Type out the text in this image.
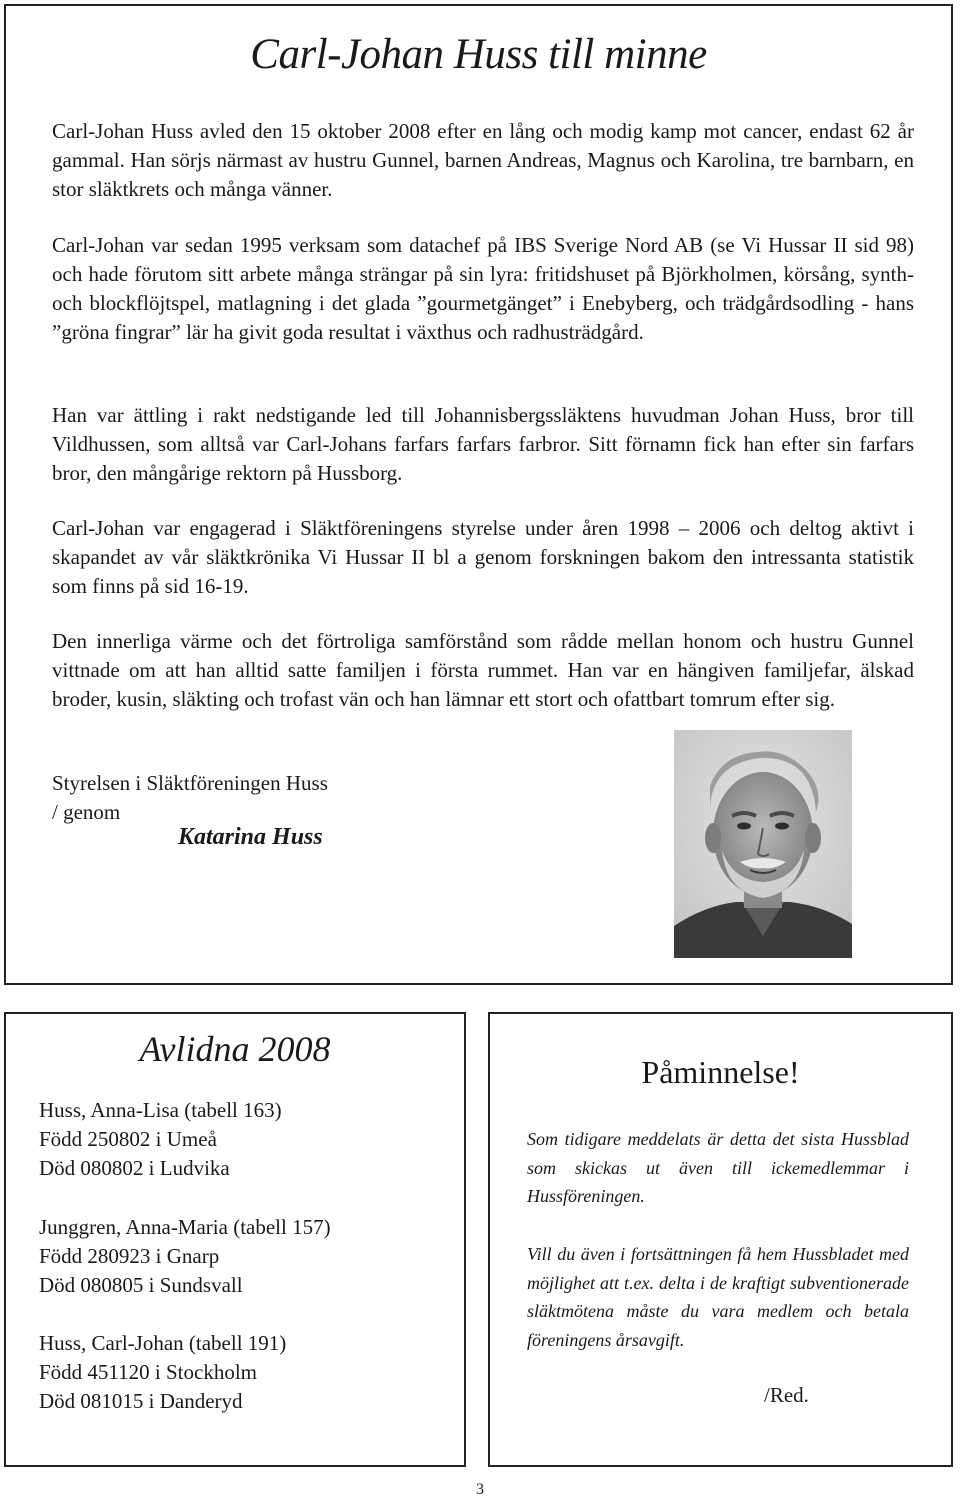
Carl-Johan Huss till minne

Carl-Johan Huss avled den 15 oktober 2008 efter en lång och modig kamp mot cancer, endast 62 år gammal. Han sörjs närmast av hustru Gunnel, barnen Andreas, Magnus och Karolina, tre barnbarn, en stor släktkrets och många vänner.

Carl-Johan var sedan 1995 verksam som datachef på IBS Sverige Nord AB (se Vi Hussar II sid 98) och hade förutom sitt arbete många strängar på sin lyra: fritidshuset på Björkholmen, körsång, synth- och blockflöjtspel, matlagning i det glada ”gourmetgänget” i Enebyberg, och trädgårdsodling - hans ”gröna fingrar” lär ha givit goda resultat i växthus och radhusträdgård.

Han var ättling i rakt nedstigande led till Johannisbergssläktens huvudman Johan Huss, bror till Vildhussen, som alltså var Carl-Johans farfars farfars farbror. Sitt förnamn fick han efter sin farfars bror, den mångårige rektorn på Hussborg.

Carl-Johan var engagerad i Släktföreningens styrelse under åren 1998 – 2006 och deltog aktivt i skapandet av vår släktkrönika Vi Hussar II bl a genom forskningen bakom den intressanta statistik som finns på sid 16-19.

Den innerliga värme och det förtroliga samförstånd som rådde mellan honom och hustru Gunnel vittnade om att han alltid satte familjen i första rummet. Han var en hängiven familjefar, älskad broder, kusin, släkting och trofast vän och han lämnar ett stort och ofattbart tomrum efter sig.

Styrelsen i Släktföreningen Huss

/ genom

Katarina Huss

Avlidna 2008
Huss, Anna-Lisa (tabell 163)
Född 250802 i Umeå
Död 080802 i Ludvika
Junggren, Anna-Maria (tabell 157)
Född 280923 i Gnarp
Död 080805 i Sundsvall
Huss, Carl-Johan (tabell 191)
Född 451120 i Stockholm
Död 081015 i Danderyd
Påminnelse!

Som tidigare meddelats är detta det sista Hussblad som skickas ut även till ickemedlemmar i Hussföreningen.

Vill du även i fortsättningen få hem Hussbladet med möjlighet att t.ex. delta i de kraftigt subventionerade släktmötena måste du vara medlem och betala föreningens årsavgift.

/Red.

3
